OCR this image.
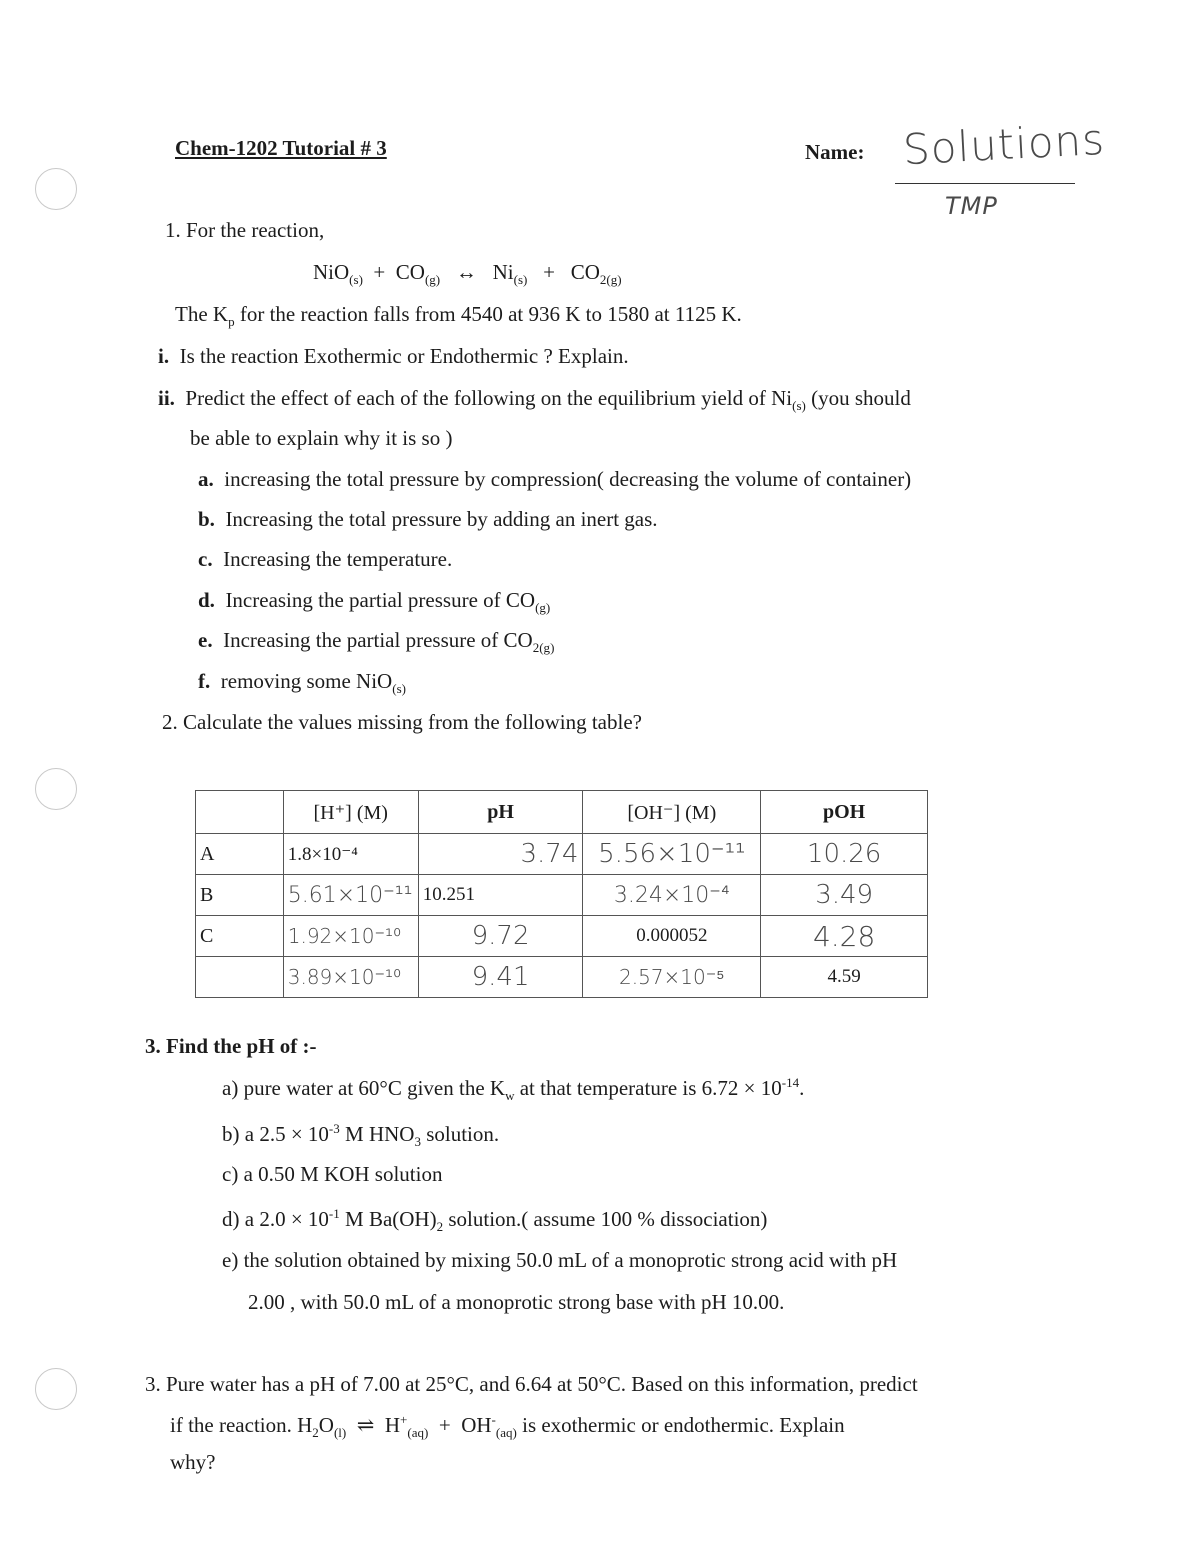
Chem-1202 Tutorial # 3	Name: Solutions
TMP
1. For the reaction,
$NiO_{(s)} + CO_{(g)}$ ↔ $Ni_{(s)} + CO_{2(g)}$
The $K_p$ for the reaction falls from 4540 at 936 K to 1580 at 1125 K.
i. Is the reaction Exothermic or Endothermic ? Explain.
ii. Predict the effect of each of the following on the equilibrium yield of $Ni_{(s)}$ (you should
be able to explain why it is so )
a. increasing the total pressure by compression( decreasing the volume of container)
b. Increasing the total pressure by adding an inert gas.
c. Increasing the temperature.
d. Increasing the partial pressure of $CO_{(g)}$
e. Increasing the partial pressure of $CO_{2(g)}$
f. removing some NiO$_{(s)}$
2. Calculate the values missing from the following table?
	[H⁺] (M)	pH	[OH⁻] (M)	pOH
A	1.8×10⁻⁴	3.74	5.56×10⁻¹¹	10.26
B	5.61×10⁻¹¹	10.251	3.24×10⁻⁴	3.49
C	1.92×10⁻¹⁰	9.72	0.000052	4.28
	3.89×10⁻¹⁰	9.41	2.57×10⁻⁵	4.59
3. Find the pH of :-
a) pure water at 60°C given the $K_w$ at that temperature is $6.72 \times 10^{-14}$.
b) a $2.5 \times 10^{-3}$ M $HNO_3$ solution.
c) a 0.50 M KOH solution
d) a $2.0 \times 10^{-1}$ M $Ba(OH)_2$ solution.( assume 100 % dissociation)
e) the solution obtained by mixing 50.0 mL of a monoprotic strong acid with pH
2.00 , with 50.0 mL of a monoprotic strong base with pH 10.00.
3. Pure water has a pH of 7.00 at 25°C, and 6.64 at 50°C. Based on this information, predict
if the reaction. $H_2O_{(l)}$ ⇌ $H^+_{(aq)} + OH^-_{(aq)}$ is exothermic or endothermic. Explain
why?
